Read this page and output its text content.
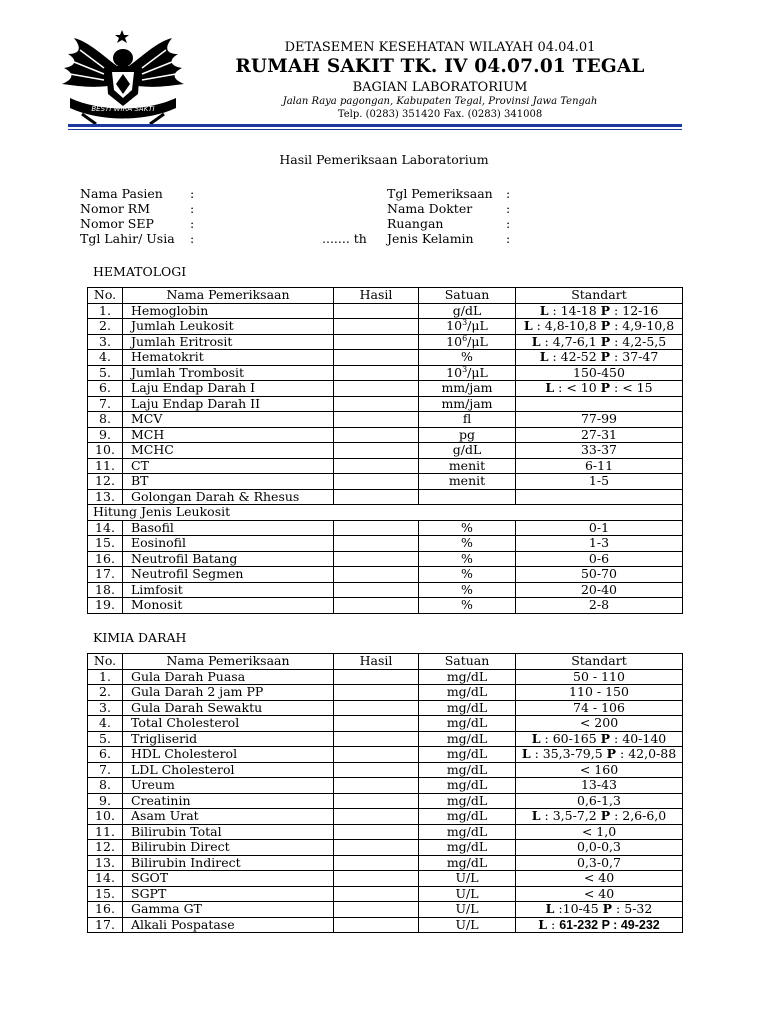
BESTI WIRA SAKTI
DETASEMEN KESEHATAN WILAYAH 04.04.01
RUMAH SAKIT TK. IV 04.07.01 TEGAL
BAGIAN LABORATORIUM
Jalan Raya pagongan, Kabupaten Tegal, Provinsi Jawa Tengah
Telp. (0283) 351420 Fax. (0283) 341008
Hasil Pemeriksaan Laboratorium
Nama Pasien
Nomor RM
Nomor SEP
Tgl Lahir/ Usia
:
:
:
:	....... th
Tgl Pemeriksaan
Nama Dokter
Ruangan
Jenis Kelamin
:
:
:
:
HEMATOLOGI
No.	Nama Pemeriksaan	Hasil	Satuan	Standart
1.	Hemoglobin		g/dL	L : 14-18 P : 12-16
2.	Jumlah Leukosit		$10^3/\mu L$	L : 4,8-10,8 P : 4,9-10,8
3.	Jumlah Eritrosit		$10^6/\mu L$	L : 4,7-6,1 P : 4,2-5,5
4.	Hematokrit		%	L : 42-52 P : 37-47
5.	Jumlah Trombosit		$10^3/\mu L$	150-450
6.	Laju Endap Darah I		mm/jam	L : < 10 P : < 15
7.	Laju Endap Darah II		mm/jam	
8.	MCV		fl	77-99
9.	MCH		pg	27-31
10.	MCHC		g/dL	33-37
11.	CT		menit	6-11
12.	BT		menit	1-5
13.	Golongan Darah & Rhesus			
Hitung Jenis Leukosit				
14.	Basofil		%	0-1
15.	Eosinofil		%	1-3
16.	Neutrofil Batang		%	0-6
17.	Neutrofil Segmen		%	50-70
18.	Limfosit		%	20-40
19.	Monosit		%	2-8
KIMIA DARAH
No.	Nama Pemeriksaan	Hasil	Satuan	Standart
1.	Gula Darah Puasa		mg/dL	50 - 110
2.	Gula Darah 2 jam PP		mg/dL	110 - 150
3.	Gula Darah Sewaktu		mg/dL	74 - 106
4.	Total Cholesterol		mg/dL	< 200
5.	Trigliserid		mg/dL	L : 60-165 P : 40-140
6.	HDL Cholesterol		mg/dL	L : 35,3-79,5 P : 42,0-88
7.	LDL Cholesterol		mg/dL	< 160
8.	Ureum		mg/dL	13-43
9.	Creatinin		mg/dL	0,6-1,3
10.	Asam Urat		mg/dL	L : 3,5-7,2 P : 2,6-6,0
11.	Bilirubin Total		mg/dL	< 1,0
12.	Bilirubin Direct		mg/dL	0,0-0,3
13.	Bilirubin Indirect		mg/dL	0,3-0,7
14.	SGOT		U/L	< 40
15.	SGPT		U/L	< 40
16.	Gamma GT		U/L	L :10-45 P : 5-32
17.	Alkali Pospatase		U/L	L : 61-232 P : 49-232
